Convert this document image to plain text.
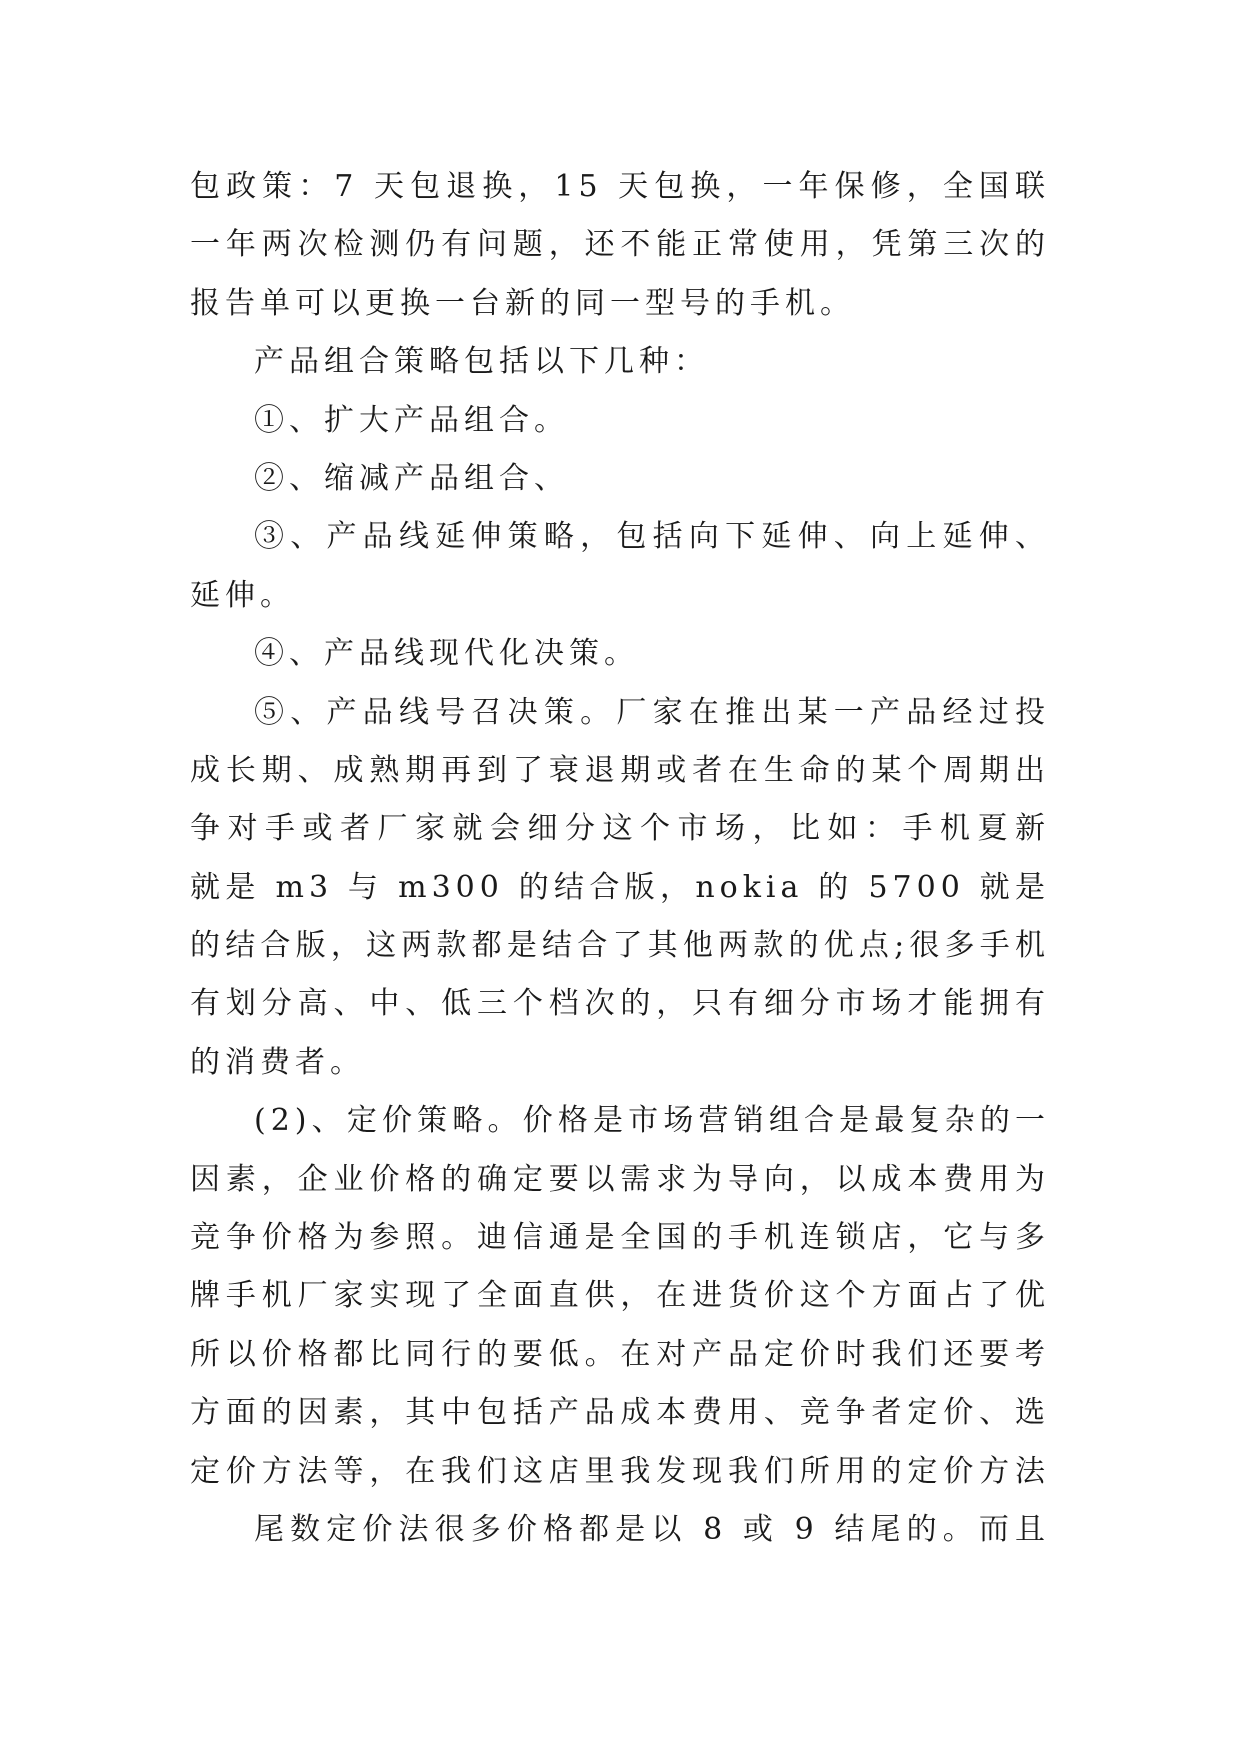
包政策：7 天包退换，15 天包换，一年保修，全国联
一年两次检测仍有问题，还不能正常使用，凭第三次的
报告单可以更换一台新的同一型号的手机。
产品组合策略包括以下几种：
①、扩大产品组合。
②、缩减产品组合、
③、产品线延伸策略，包括向下延伸、向上延伸、
延伸。
④、产品线现代化决策。
⑤、产品线号召决策。厂家在推出某一产品经过投
成长期、成熟期再到了衰退期或者在生命的某个周期出
争对手或者厂家就会细分这个市场，比如：手机夏新
就是 m3 与 m300 的结合版，nokia 的 5700 就是
的结合版，这两款都是结合了其他两款的优点;很多手机
有划分高、中、低三个档次的，只有细分市场才能拥有
的消费者。
(2)、定价策略。价格是市场营销组合是最复杂的一
因素，企业价格的确定要以需求为导向，以成本费用为
竞争价格为参照。迪信通是全国的手机连锁店，它与多
牌手机厂家实现了全面直供，在进货价这个方面占了优
所以价格都比同行的要低。在对产品定价时我们还要考
方面的因素，其中包括产品成本费用、竞争者定价、选
定价方法等，在我们这店里我发现我们所用的定价方法
尾数定价法很多价格都是以 8 或 9 结尾的。而且
